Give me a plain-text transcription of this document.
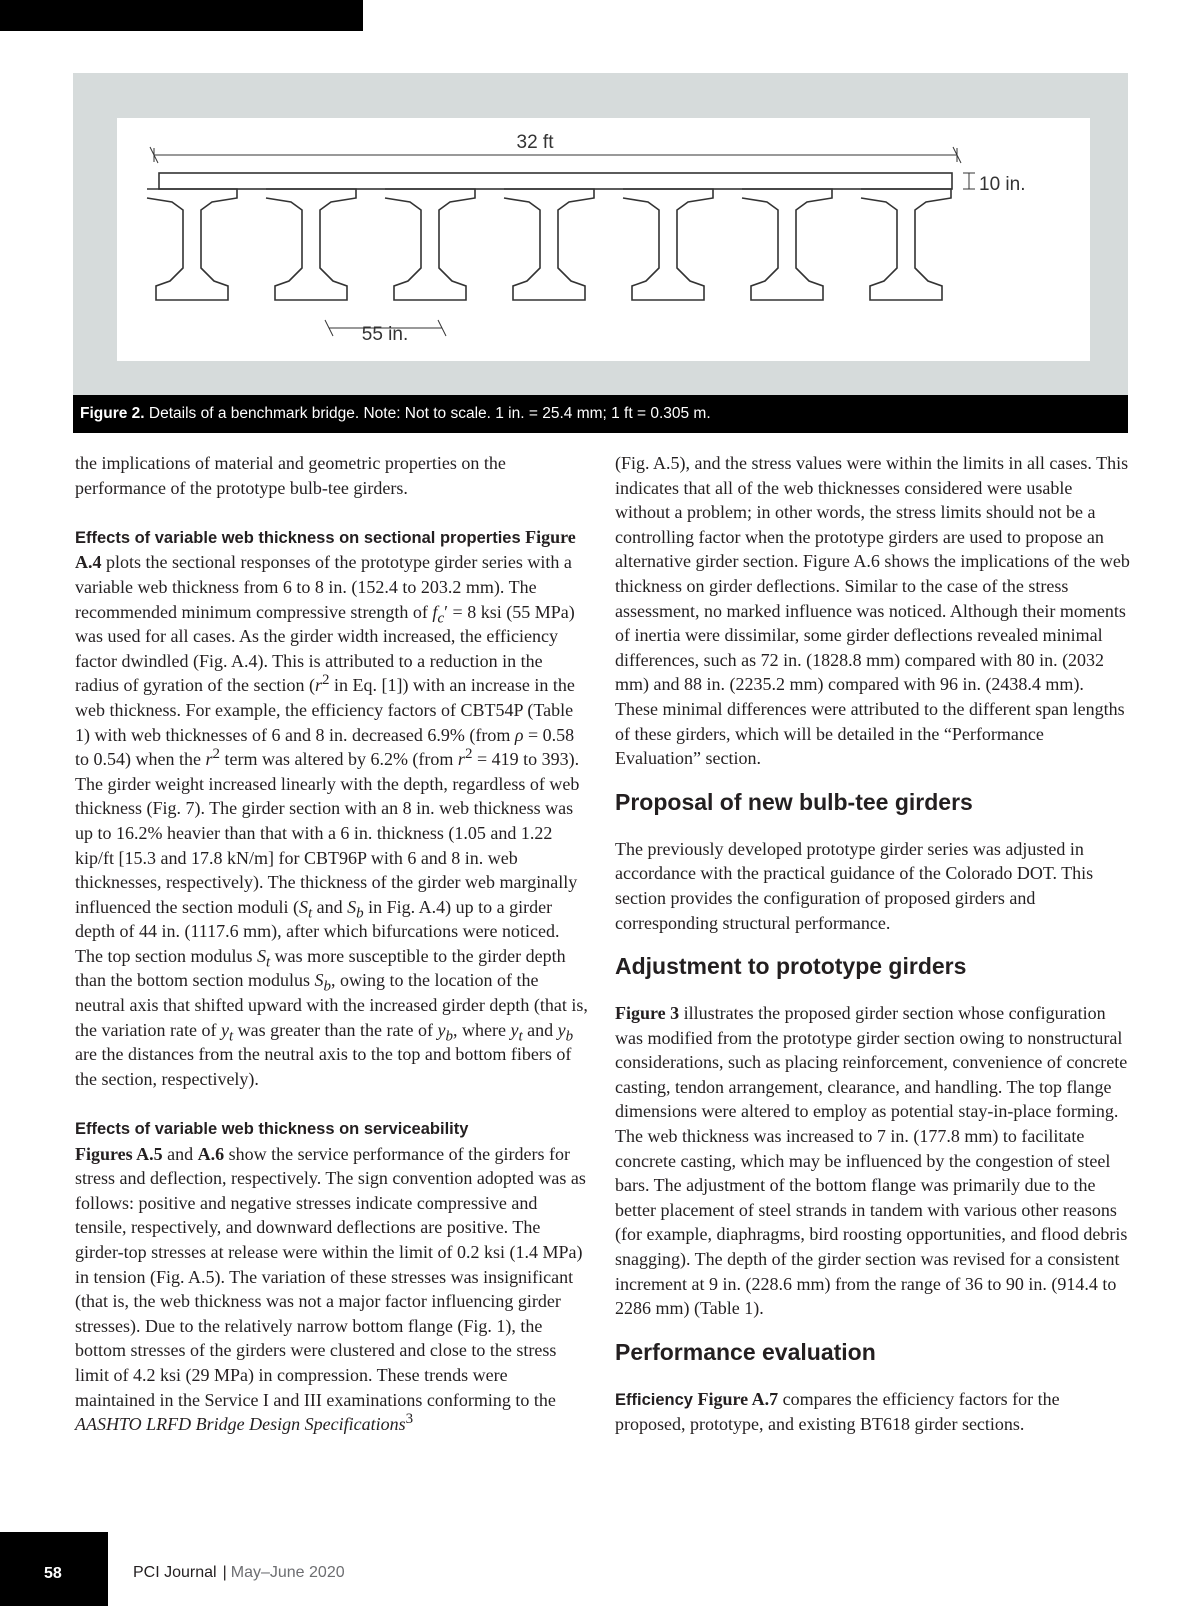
32 ft
10 in.
55 in.
Figure 2. Details of a benchmark bridge. Note: Not to scale. 1 in. = 25.4 mm; 1 ft = 0.305 m.

the implications of material and geometric properties on the performance of the prototype bulb-tee girders.

Effects of variable web thickness on sectional properties Figure A.4 plots the sectional responses of the prototype girder series with a variable web thickness from 6 to 8 in. (152.4 to 203.2 mm). The recommended minimum compressive strength of $f_c' = 8$ ksi (55 MPa) was used for all cases. As the girder width increased, the efficiency factor dwindled (Fig. A.4). This is attributed to a reduction in the radius of gyration of the section ($r^2$ in Eq. [1]) with an increase in the web thickness. For example, the efficiency factors of CBT54P (Table 1) with web thicknesses of 6 and 8 in. decreased 6.9% (from ρ = 0.58 to 0.54) when the $r^2$ term was altered by 6.2% (from $r^2 = 419$ to 393). The girder weight increased linearly with the depth, regardless of web thickness (Fig. 7). The girder section with an 8 in. web thickness was up to 16.2% heavier than that with a 6 in. thickness (1.05 and 1.22 kip/ft [15.3 and 17.8 kN/m] for CBT96P with 6 and 8 in. web thicknesses, respectively). The thickness of the girder web marginally influenced the section moduli ($S_t$ and $S_b$ in Fig. A.4) up to a girder depth of 44 in. (1117.6 mm), after which bifurcations were noticed. The top section modulus $S_t$ was more susceptible to the girder depth than the bottom section modulus $S_b$, owing to the location of the neutral axis that shifted upward with the increased girder depth (that is, the variation rate of $y_t$ was greater than the rate of $y_b$, where $y_t$ and $y_b$ are the distances from the neutral axis to the top and bottom fibers of the section, respectively).

Effects of variable web thickness on serviceability
Figures A.5 and A.6 show the service performance of the girders for stress and deflection, respectively. The sign convention adopted was as follows: positive and negative stresses indicate compressive and tensile, respectively, and downward deflections are positive. The girder-top stresses at release were within the limit of 0.2 ksi (1.4 MPa) in tension (Fig. A.5). The variation of these stresses was insignificant (that is, the web thickness was not a major factor influencing girder stresses). Due to the relatively narrow bottom flange (Fig. 1), the bottom stresses of the girders were clustered and close to the stress limit of 4.2 ksi (29 MPa) in compression. These trends were maintained in the Service I and III examinations conforming to the AASHTO LRFD Bridge Design Specifications$^3$

(Fig. A.5), and the stress values were within the limits in all cases. This indicates that all of the web thicknesses considered were usable without a problem; in other words, the stress limits should not be a controlling factor when the prototype girders are used to propose an alternative girder section. Figure A.6 shows the implications of the web thickness on girder deflections. Similar to the case of the stress assessment, no marked influence was noticed. Although their moments of inertia were dissimilar, some girder deflections revealed minimal differences, such as 72 in. (1828.8 mm) compared with 80 in. (2032 mm) and 88 in. (2235.2 mm) compared with 96 in. (2438.4 mm). These minimal differences were attributed to the different span lengths of these girders, which will be detailed in the “Performance Evaluation” section.

Proposal of new bulb-tee girders

The previously developed prototype girder series was adjusted in accordance with the practical guidance of the Colorado DOT. This section provides the configuration of proposed girders and corresponding structural performance.

Adjustment to prototype girders

Figure 3 illustrates the proposed girder section whose configuration was modified from the prototype girder section owing to nonstructural considerations, such as placing reinforcement, convenience of concrete casting, tendon arrangement, clearance, and handling. The top flange dimensions were altered to employ as potential stay-in-place forming. The web thickness was increased to 7 in. (177.8 mm) to facilitate concrete casting, which may be influenced by the congestion of steel bars. The adjustment of the bottom flange was primarily due to the better placement of steel strands in tandem with various other reasons (for example, diaphragms, bird roosting opportunities, and flood debris snagging). The depth of the girder section was revised for a consistent increment at 9 in. (228.6 mm) from the range of 36 to 90 in. (914.4 to 2286 mm) (Table 1).

Performance evaluation

Efficiency Figure A.7 compares the efficiency factors for the proposed, prototype, and existing BT618 girder sections.

58	PCI Journal | May–June 2020
